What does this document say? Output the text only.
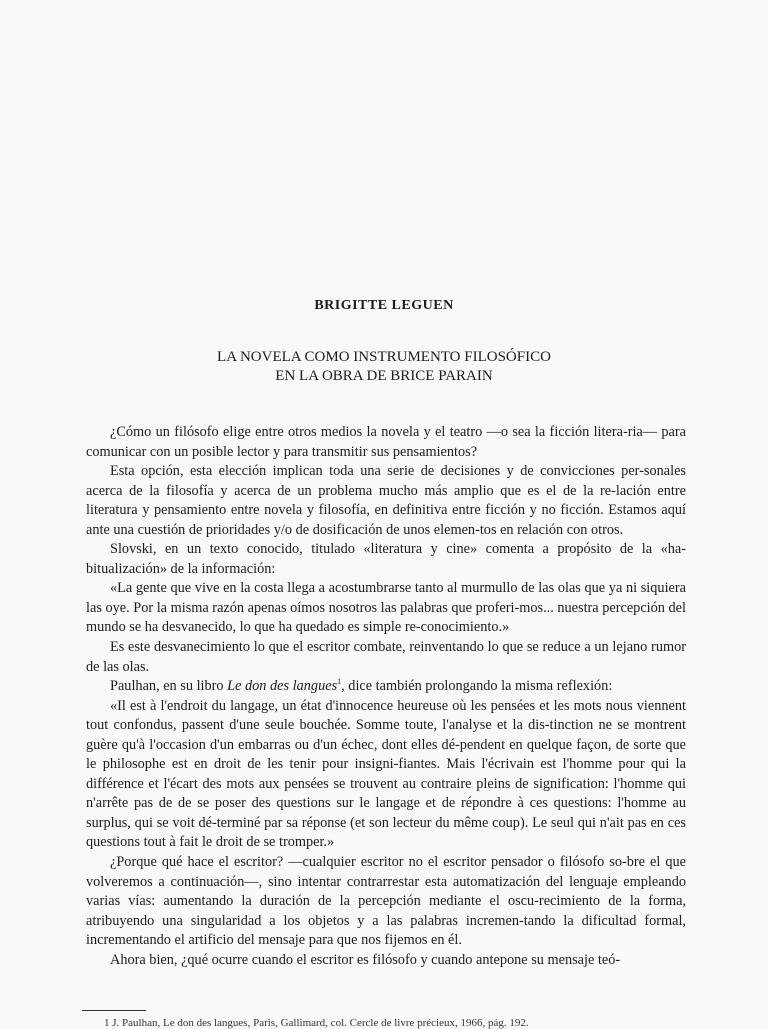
BRIGITTE LEGUEN
LA NOVELA COMO INSTRUMENTO FILOSÓFICO
EN LA OBRA DE BRICE PARAIN

¿Cómo un filósofo elige entre otros medios la novela y el teatro —o sea la ficción litera-ria— para comunicar con un posible lector y para transmitir sus pensamientos?

Esta opción, esta elección implican toda una serie de decisiones y de convicciones per-sonales acerca de la filosofía y acerca de un problema mucho más amplio que es el de la re-lación entre literatura y pensamiento entre novela y filosofía, en definitiva entre ficción y no ficción. Estamos aquí ante una cuestión de prioridades y/o de dosificación de unos elemen-tos en relación con otros.

Slovski, en un texto conocido, titulado «literatura y cine» comenta a propósito de la «ha-bitualización» de la información:

«La gente que vive en la costa llega a acostumbrarse tanto al murmullo de las olas que ya ni siquiera las oye. Por la misma razón apenas oímos nosotros las palabras que proferi-mos... nuestra percepción del mundo se ha desvanecido, lo que ha quedado es simple re-conocimiento.»

Es este desvanecimiento lo que el escritor combate, reinventando lo que se reduce a un lejano rumor de las olas.

Paulhan, en su libro Le don des langues$^1$, dice también prolongando la misma reflexión:

«Il est à l'endroit du langage, un état d'innocence heureuse où les pensées et les mots nous viennent tout confondus, passent d'une seule bouchée. Somme toute, l'analyse et la dis-tinction ne se montrent guère qu'à l'occasion d'un embarras ou d'un échec, dont elles dé-pendent en quelque façon, de sorte que le philosophe est en droit de les tenir pour insigni-fiantes. Mais l'écrivain est l'homme pour qui la différence et l'écart des mots aux pensées se trouvent au contraire pleins de signification: l'homme qui n'arrête pas de de se poser des questions sur le langage et de répondre à ces questions: l'homme au surplus, qui se voit dé-terminé par sa réponse (et son lecteur du même coup). Le seul qui n'ait pas en ces questions tout à fait le droit de se tromper.»

¿Porque qué hace el escritor? —cualquier escritor no el escritor pensador o filósofo so-bre el que volveremos a continuación—, sino intentar contrarrestar esta automatización del lenguaje empleando varias vías: aumentando la duración de la percepción mediante el oscu-recimiento de la forma, atribuyendo una singularidad a los objetos y a las palabras incremen-tando la dificultad formal, incrementando el artificio del mensaje para que nos fijemos en él.

Ahora bien, ¿qué ocurre cuando el escritor es filósofo y cuando antepone su mensaje teó-

1 J. Paulhan, Le don des langues, Paris, Gallimard, col. Cercle de livre précieux, 1966, pág. 192.
